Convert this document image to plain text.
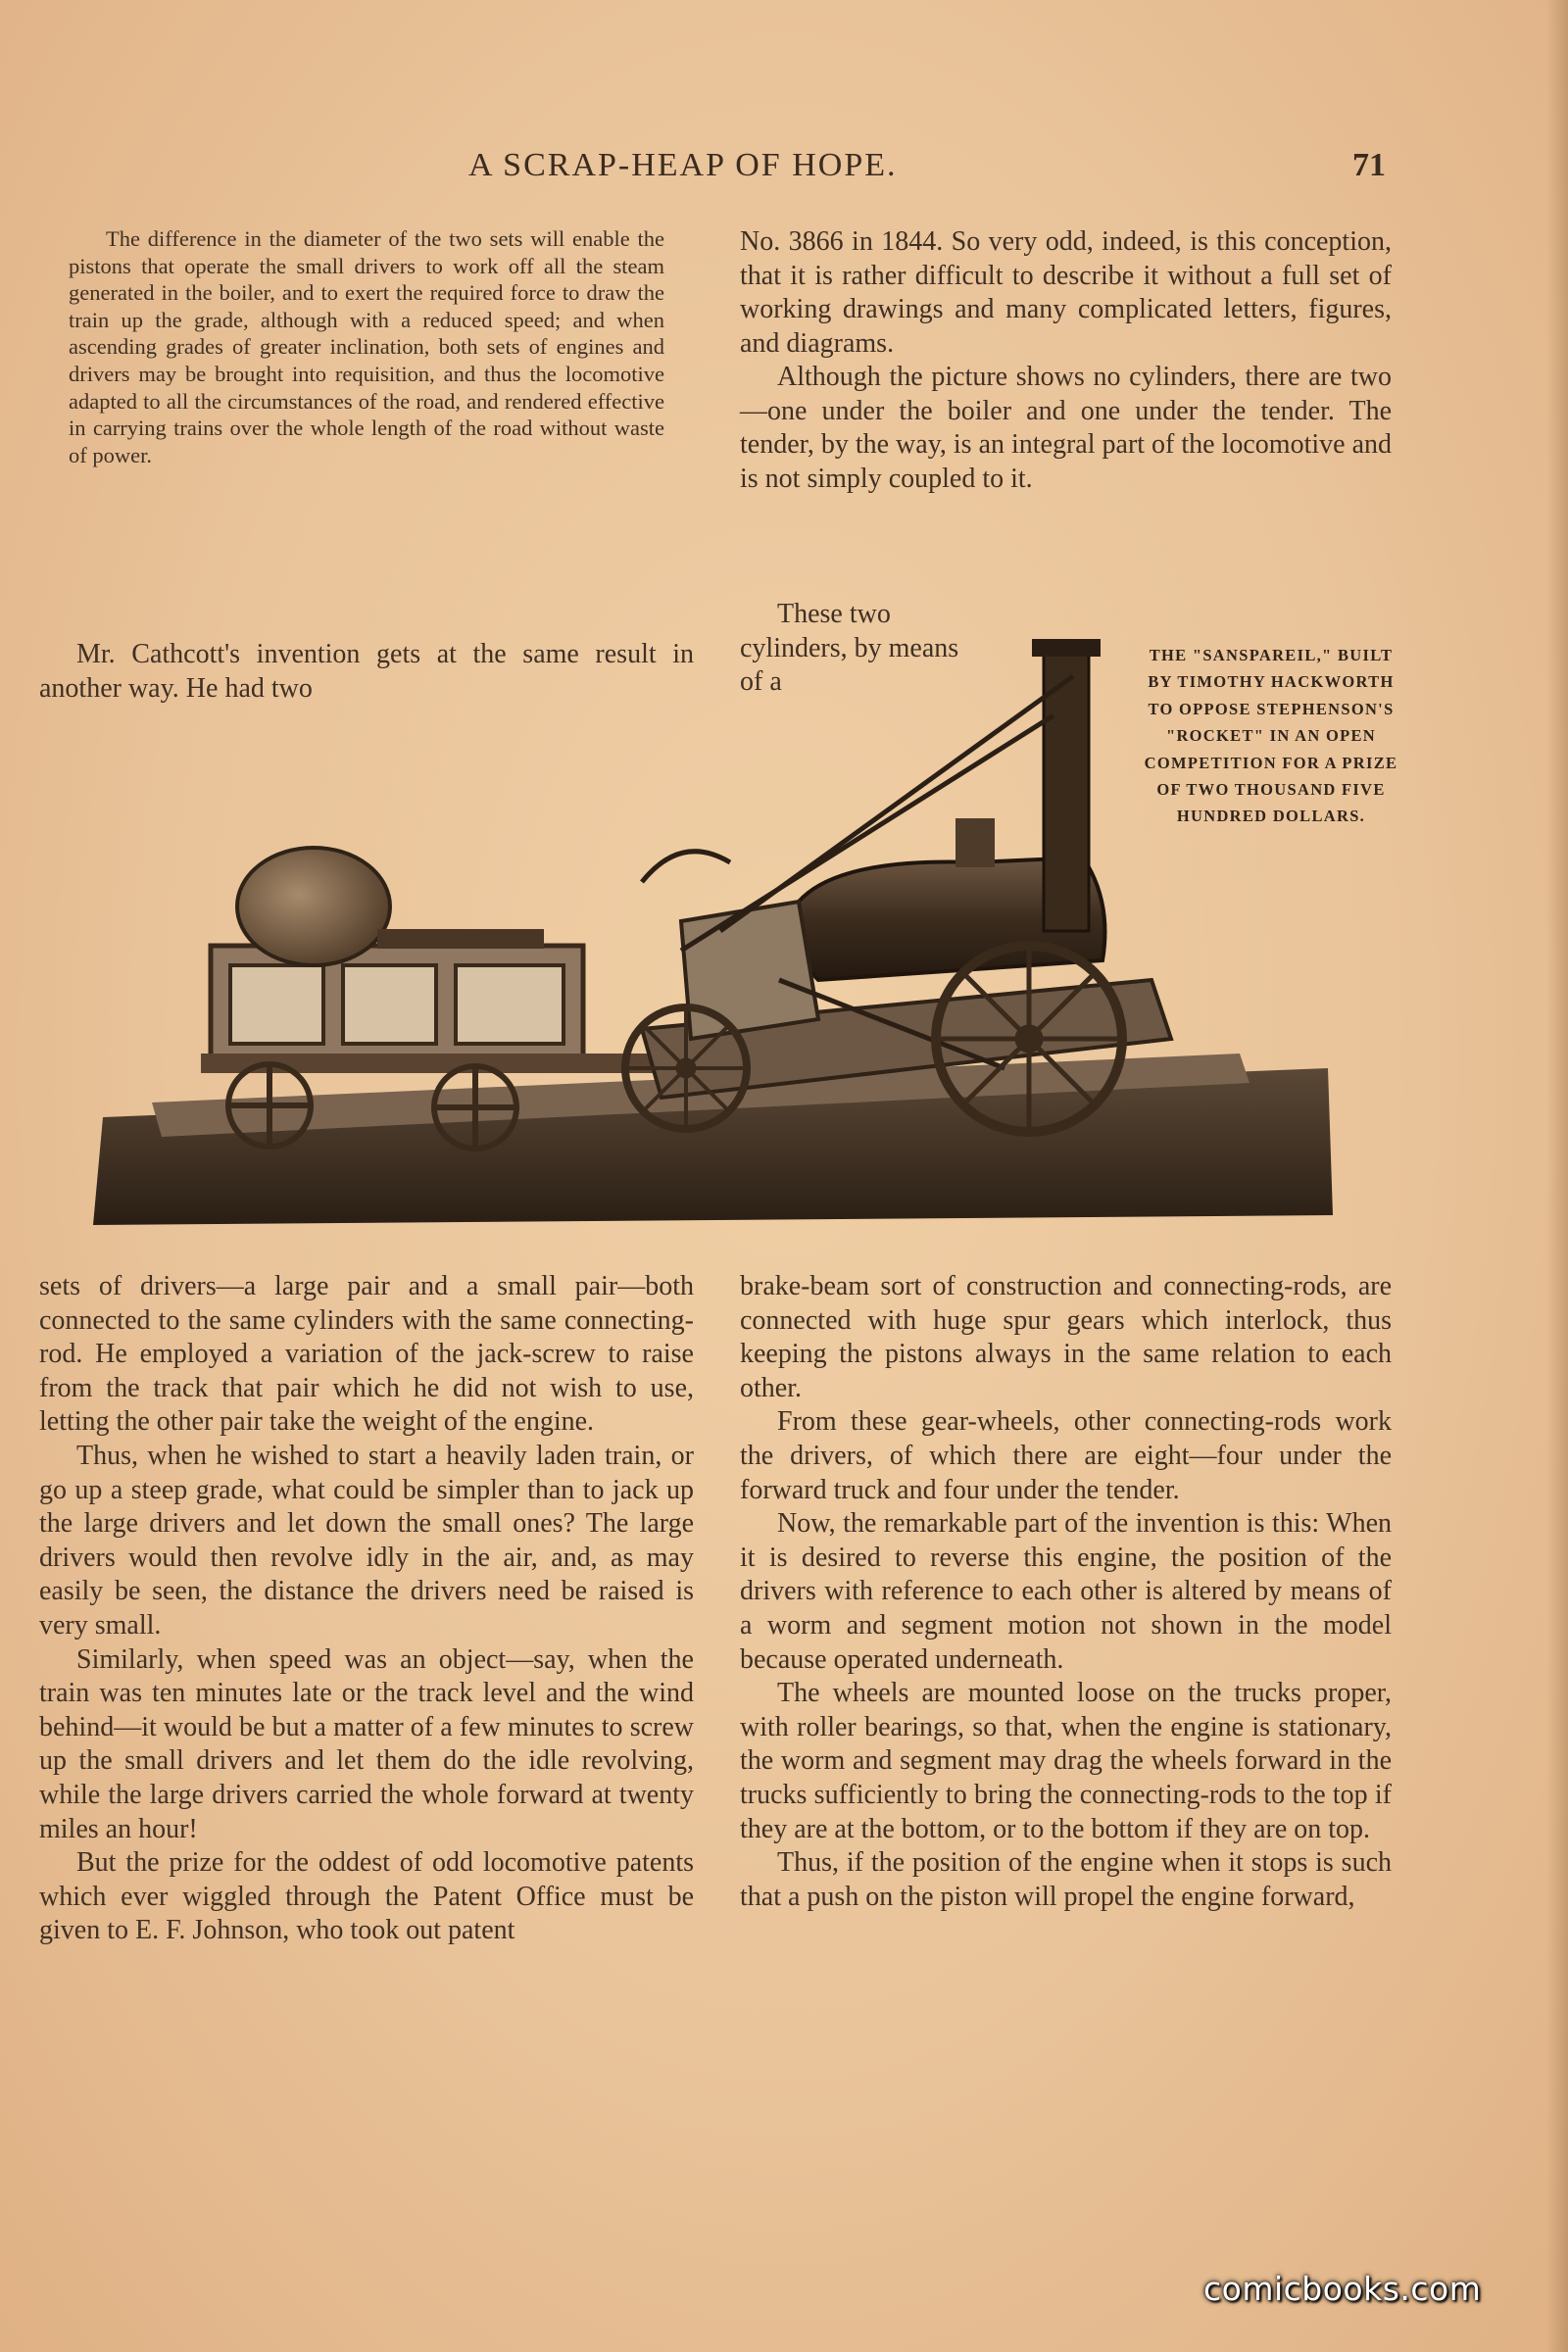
A SCRAP-HEAP OF HOPE.	71

The difference in the diameter of the two sets will enable the pistons that operate the small drivers to work off all the steam generated in the boiler, and to exert the required force to draw the train up the grade, although with a reduced speed; and when ascending grades of greater inclination, both sets of engines and drivers may be brought into requisition, and thus the locomotive adapted to all the circumstances of the road, and rendered effective in carrying trains over the whole length of the road without waste of power.

Mr. Cathcott's invention gets at the same result in another way. He had two

No. 3866 in 1844. So very odd, indeed, is this conception, that it is rather difficult to describe it without a full set of working drawings and many complicated letters, figures, and diagrams.

Although the picture shows no cylinders, there are two—one under the boiler and one under the tender. The tender, by the way, is an integral part of the locomotive and is not simply coupled to it.

These two cylinders, by means of a

THE "SANSPAREIL," BUILT BY TIMOTHY HACKWORTH TO OPPOSE STEPHENSON'S "ROCKET" IN AN OPEN COMPETITION FOR A PRIZE OF TWO THOUSAND FIVE HUNDRED DOLLARS.

sets of drivers—a large pair and a small pair—both connected to the same cylinders with the same connecting-rod. He employed a variation of the jack-screw to raise from the track that pair which he did not wish to use, letting the other pair take the weight of the engine.

Thus, when he wished to start a heavily laden train, or go up a steep grade, what could be simpler than to jack up the large drivers and let down the small ones? The large drivers would then revolve idly in the air, and, as may easily be seen, the distance the drivers need be raised is very small.

Similarly, when speed was an object—say, when the train was ten minutes late or the track level and the wind behind—it would be but a matter of a few minutes to screw up the small drivers and let them do the idle revolving, while the large drivers carried the whole forward at twenty miles an hour!

But the prize for the oddest of odd locomotive patents which ever wiggled through the Patent Office must be given to E. F. Johnson, who took out patent

brake-beam sort of construction and connecting-rods, are connected with huge spur gears which interlock, thus keeping the pistons always in the same relation to each other.

From these gear-wheels, other connecting-rods work the drivers, of which there are eight—four under the forward truck and four under the tender.

Now, the remarkable part of the invention is this: When it is desired to reverse this engine, the position of the drivers with reference to each other is altered by means of a worm and segment motion not shown in the model because operated underneath.

The wheels are mounted loose on the trucks proper, with roller bearings, so that, when the engine is stationary, the worm and segment may drag the wheels forward in the trucks sufficiently to bring the connecting-rods to the top if they are at the bottom, or to the bottom if they are on top.

Thus, if the position of the engine when it stops is such that a push on the piston will propel the engine forward,

comicbooks.com
